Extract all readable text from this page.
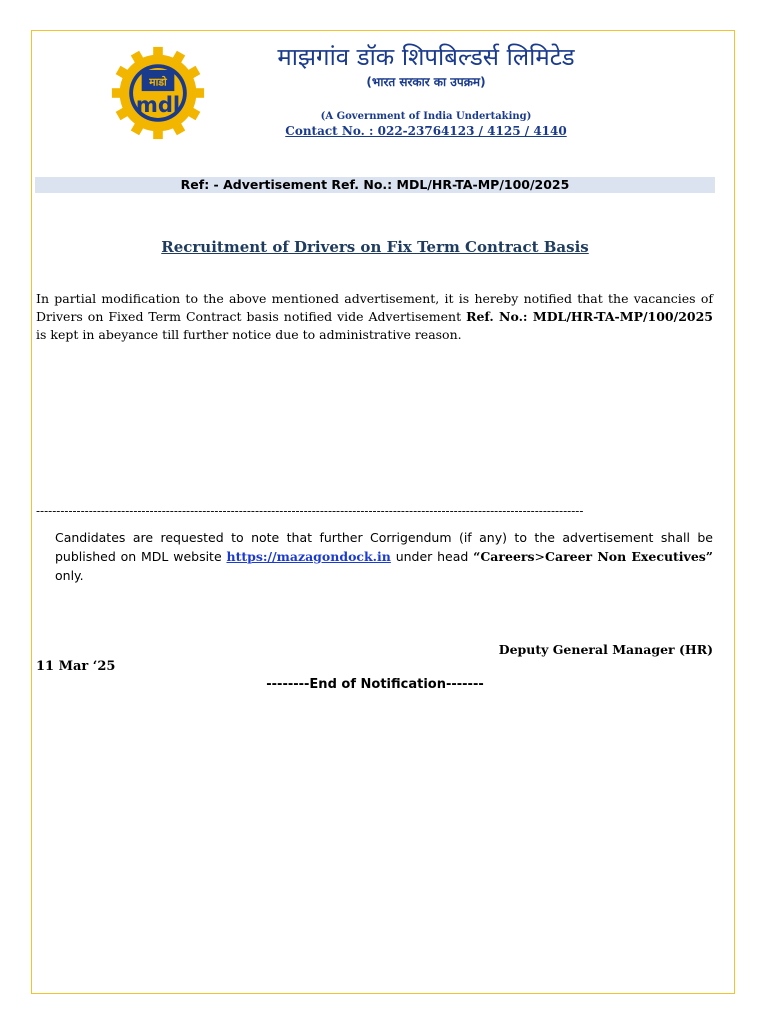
माडो
mdl
माझगांव डॉक शिपबिल्डर्स लिमिटेड
(भारत सरकार का उपक्रम)
(A Government of India Undertaking)
Contact No. : 022-23764123 / 4125 / 4140
Ref: - Advertisement Ref. No.: MDL/HR-TA-MP/100/2025
Recruitment of Drivers on Fix Term Contract Basis
In partial modification to the above mentioned advertisement, it is hereby notified that the vacancies of Drivers on Fixed Term Contract basis notified vide Advertisement Ref. No.: MDL/HR-TA-MP/100/2025 is kept in abeyance till further notice due to administrative reason.
---------------------------------------------------------------------------------------------------------------------------------------
Candidates are requested to note that further Corrigendum (if any) to the advertisement shall be published on MDL website https://mazagondock.in under head “Careers>Career Non Executives” only.
Deputy General Manager (HR)
11 Mar ‘25
--------End of Notification-------
